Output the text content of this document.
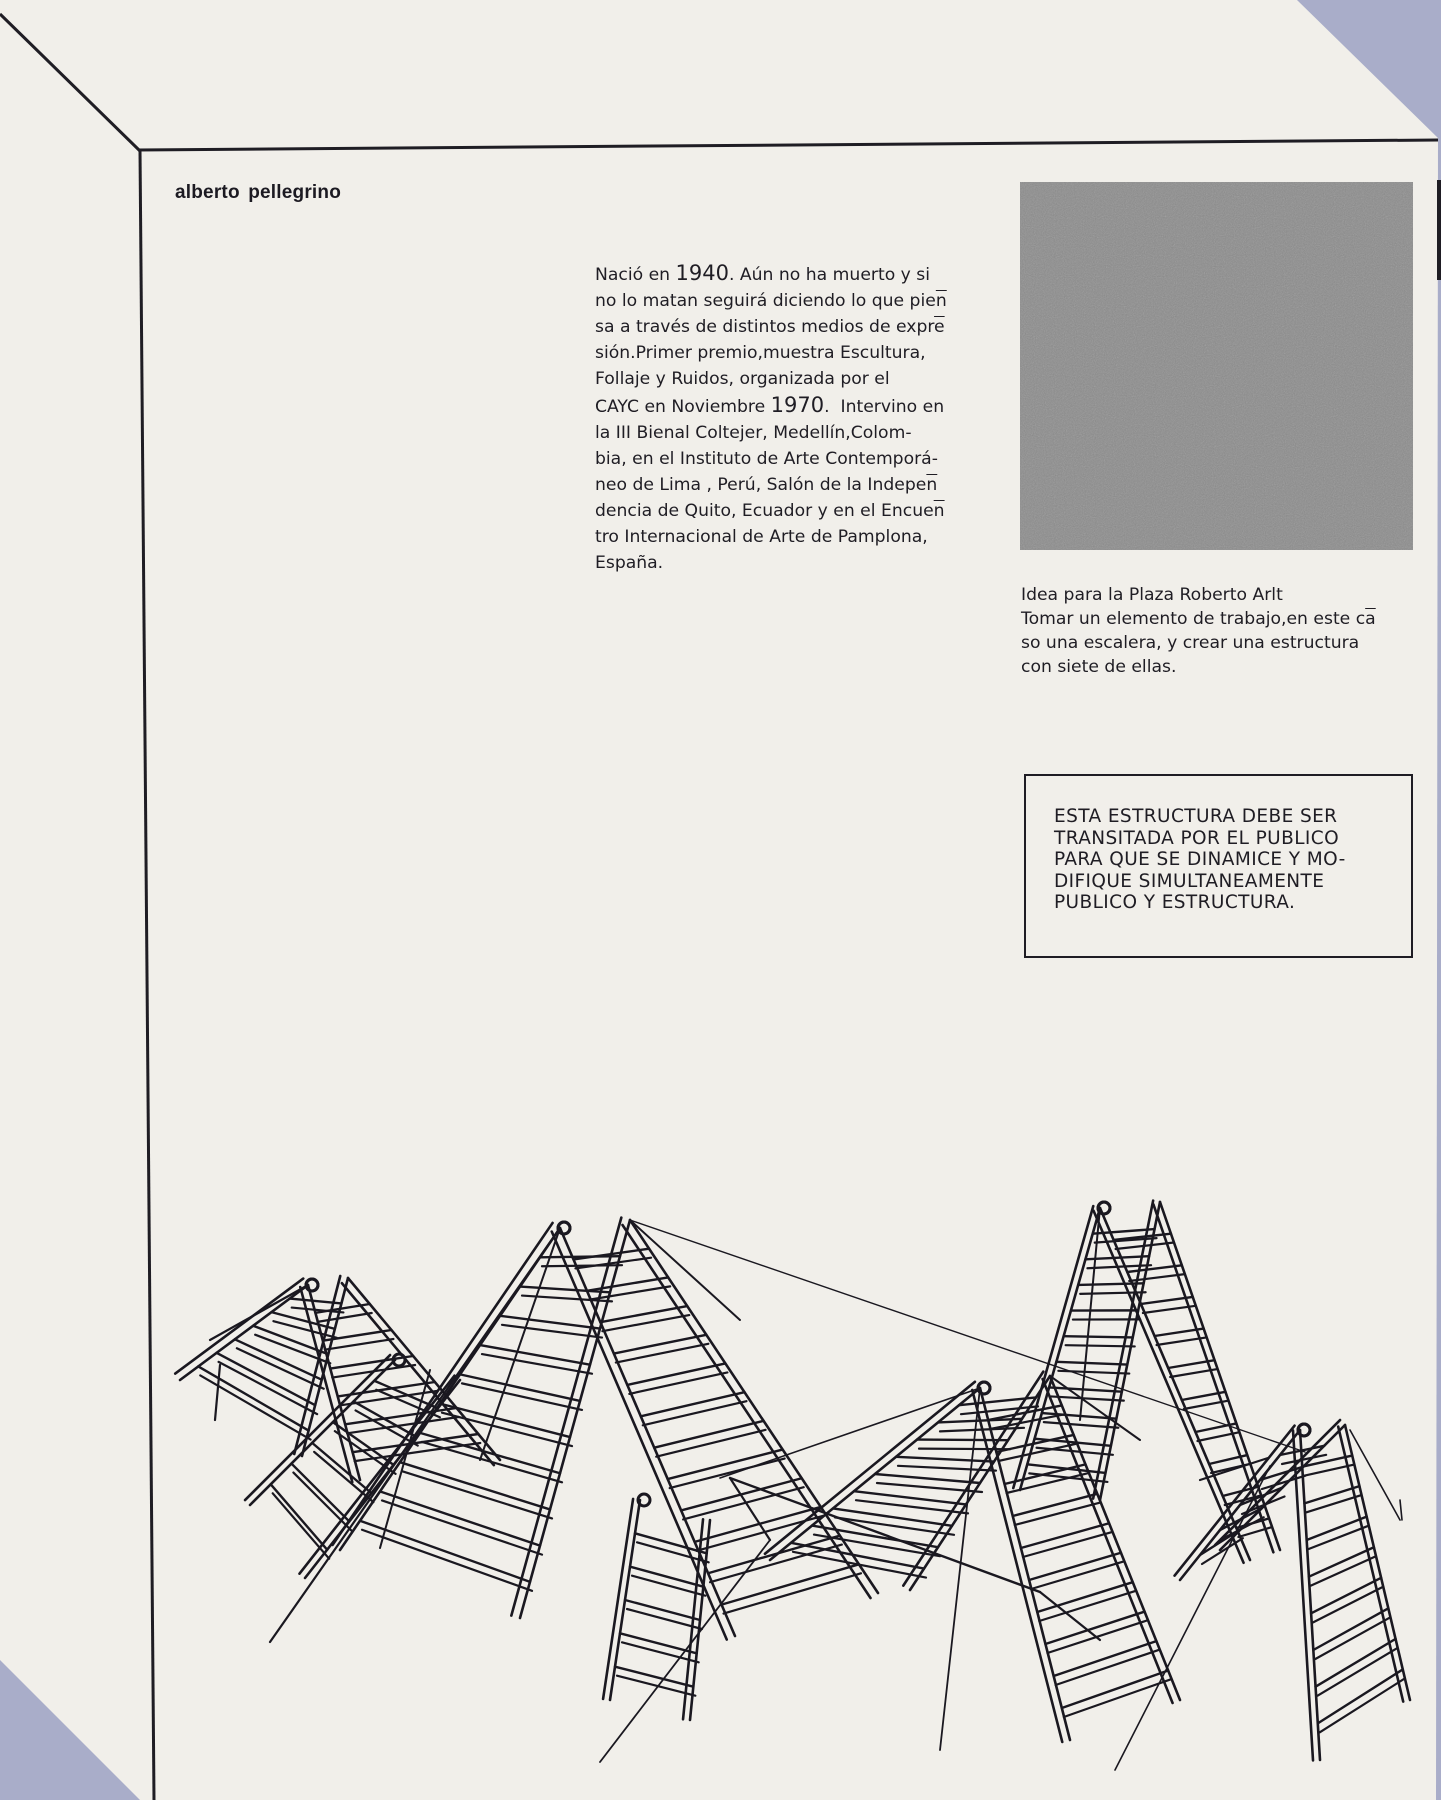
alberto pellegrino
Nació en 1940. Aún no ha muerto y si
no lo matan seguirá diciendo lo que $pie\overline{n}$
sa a través de distintos medios de $\exp r\overline{e}$
sión.Primer premio,muestra Escultura,
Follaje y Ruidos, organizada por el
CAYC en Noviembre 1970.  Intervino en
la III Bienal Coltejer, Medellín,Colom-
bia, en el Instituto de Arte Contemporá-
neo de Lima , Perú, Salón de la $Indepe\overline{n}$
dencia de Quito, Ecuador y en el $Encue\overline{n}$
tro Internacional de Arte de Pamplona,
España.
Idea para la Plaza Roberto Arlt
Tomar un elemento de trabajo,en este $c\overline{a}$
so una escalera, y crear una estructura
con siete de ellas.
ESTA ESTRUCTURA DEBE SER
TRANSITADA POR EL PUBLICO
PARA QUE SE DINAMICE Y MO-
DIFIQUE SIMULTANEAMENTE
PUBLICO Y ESTRUCTURA.
